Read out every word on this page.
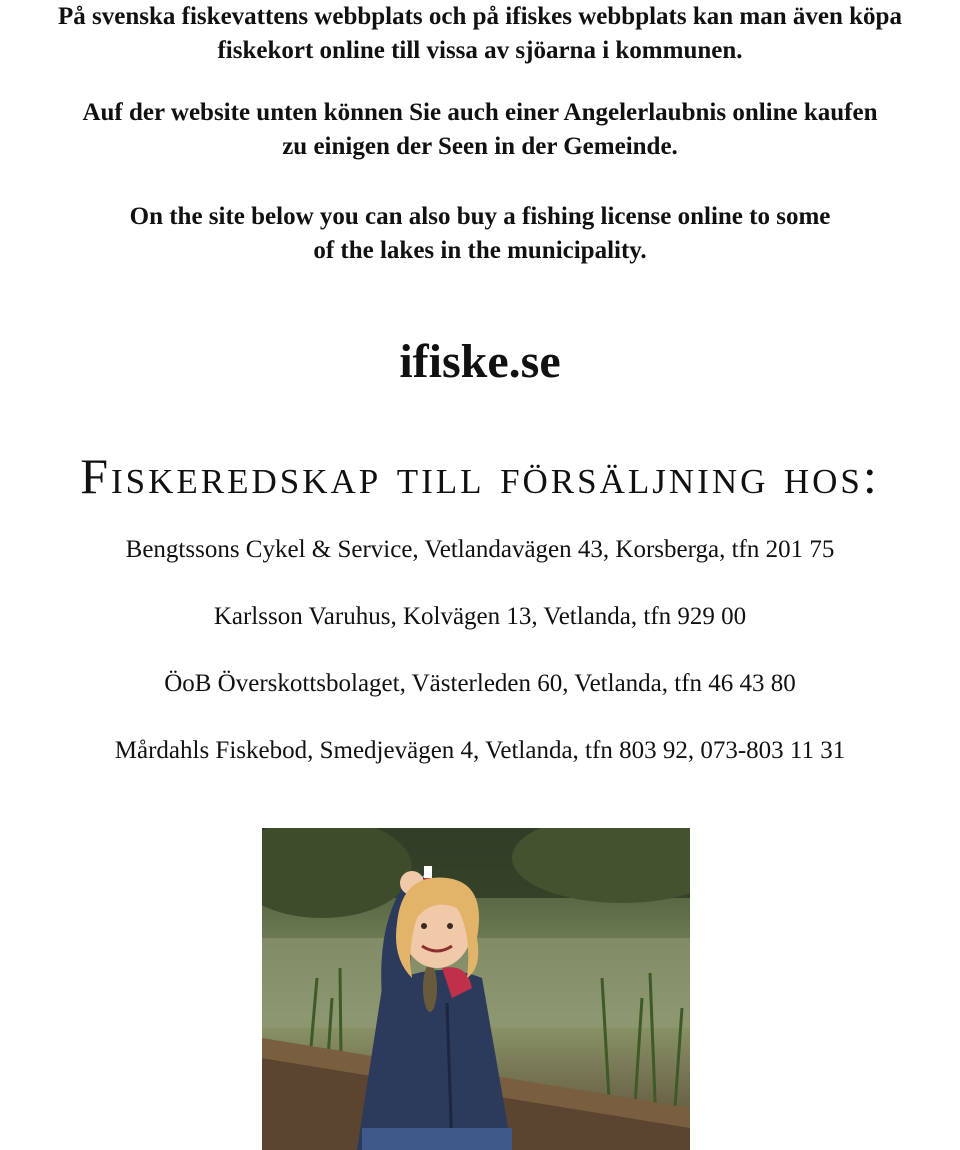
På svenska fiskevattens webbplats och på ifiskes webbplats kan man även köpa
fiskekort online till vissa av sjöarna i kommunen.

Auf der website unten können Sie auch einer Angelerlaubnis online kaufen
zu einigen der Seen in der Gemeinde.

On the site below you can also buy a fishing license online to some
of the lakes in the municipality.

ifiske.se
Fiskeredskap till försäljning hos:
Bengtssons Cykel & Service, Vetlandavägen 43, Korsberga, tfn 201 75
Karlsson Varuhus, Kolvägen 13, Vetlanda, tfn 929 00
ÖoB Överskottsbolaget, Västerleden 60, Vetlanda, tfn 46 43 80
Mårdahls Fiskebod, Smedjevägen 4, Vetlanda, tfn 803 92, 073-803 11 31
